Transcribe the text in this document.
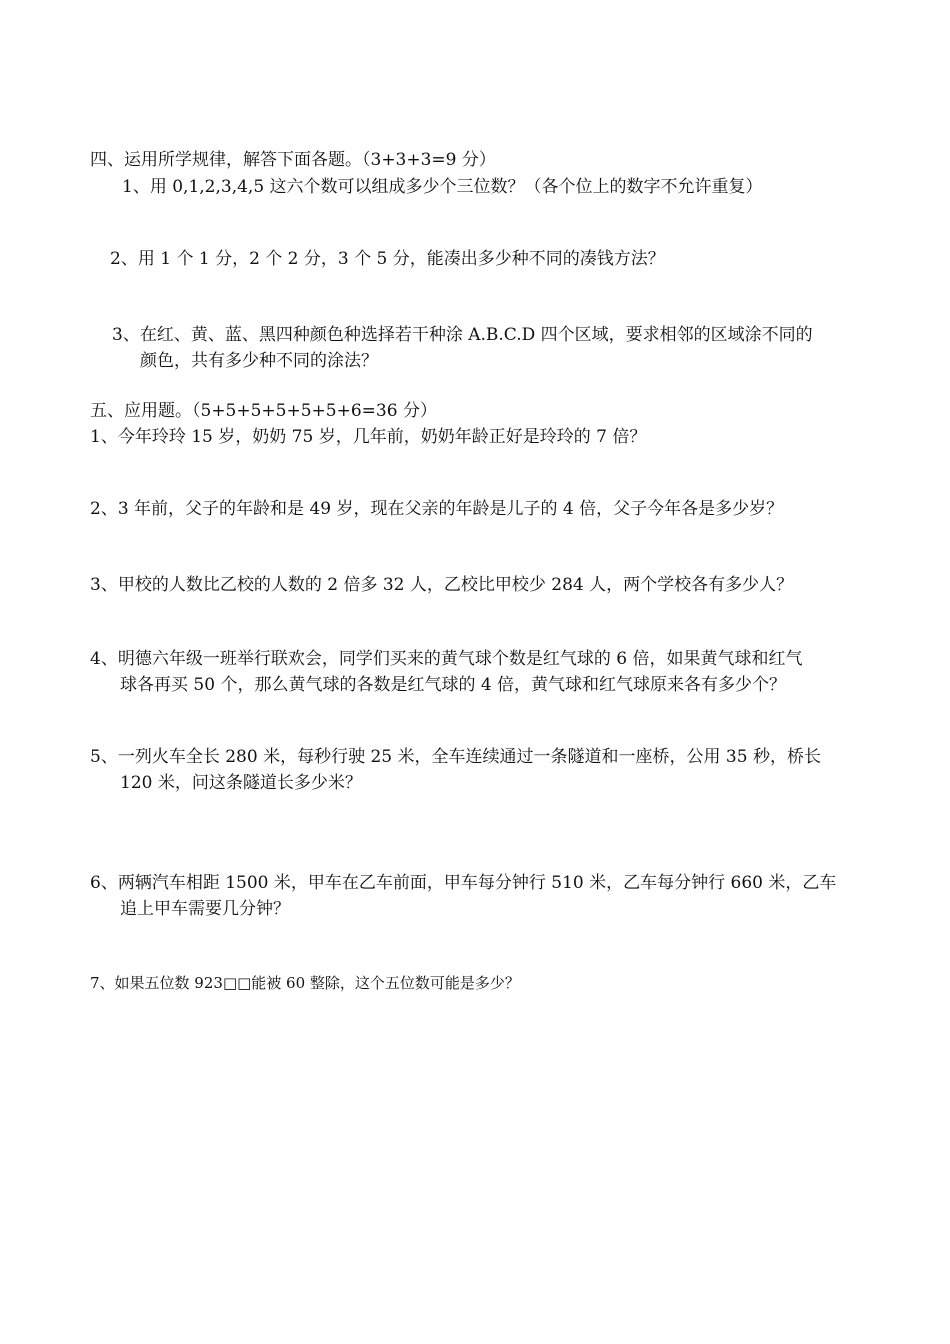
四、运用所学规律，解答下面各题。（3+3+3=9 分）
1、用 0,1,2,3,4,5 这六个数可以组成多少个三位数？（各个位上的数字不允许重复）
2、用 1 个 1 分，2 个 2 分，3 个 5 分，能凑出多少种不同的凑钱方法？
3、在红、黄、蓝、黑四种颜色种选择若干种涂 A.B.C.D 四个区域，要求相邻的区域涂不同的
颜色，共有多少种不同的涂法？
五、应用题。（5+5+5+5+5+5+6=36 分）
1、今年玲玲 15 岁，奶奶 75 岁，几年前，奶奶年龄正好是玲玲的 7 倍？
2、3 年前，父子的年龄和是 49 岁，现在父亲的年龄是儿子的 4 倍，父子今年各是多少岁？
3、甲校的人数比乙校的人数的 2 倍多 32 人，乙校比甲校少 284 人，两个学校各有多少人？
4、明德六年级一班举行联欢会，同学们买来的黄气球个数是红气球的 6 倍，如果黄气球和红气
球各再买 50 个，那么黄气球的各数是红气球的 4 倍，黄气球和红气球原来各有多少个？
5、一列火车全长 280 米，每秒行驶 25 米，全车连续通过一条隧道和一座桥，公用 35 秒，桥长
120 米，问这条隧道长多少米？
6、两辆汽车相距 1500 米，甲车在乙车前面，甲车每分钟行 510 米，乙车每分钟行 660 米，乙车
追上甲车需要几分钟？
7、如果五位数 923□□能被 60 整除，这个五位数可能是多少？
